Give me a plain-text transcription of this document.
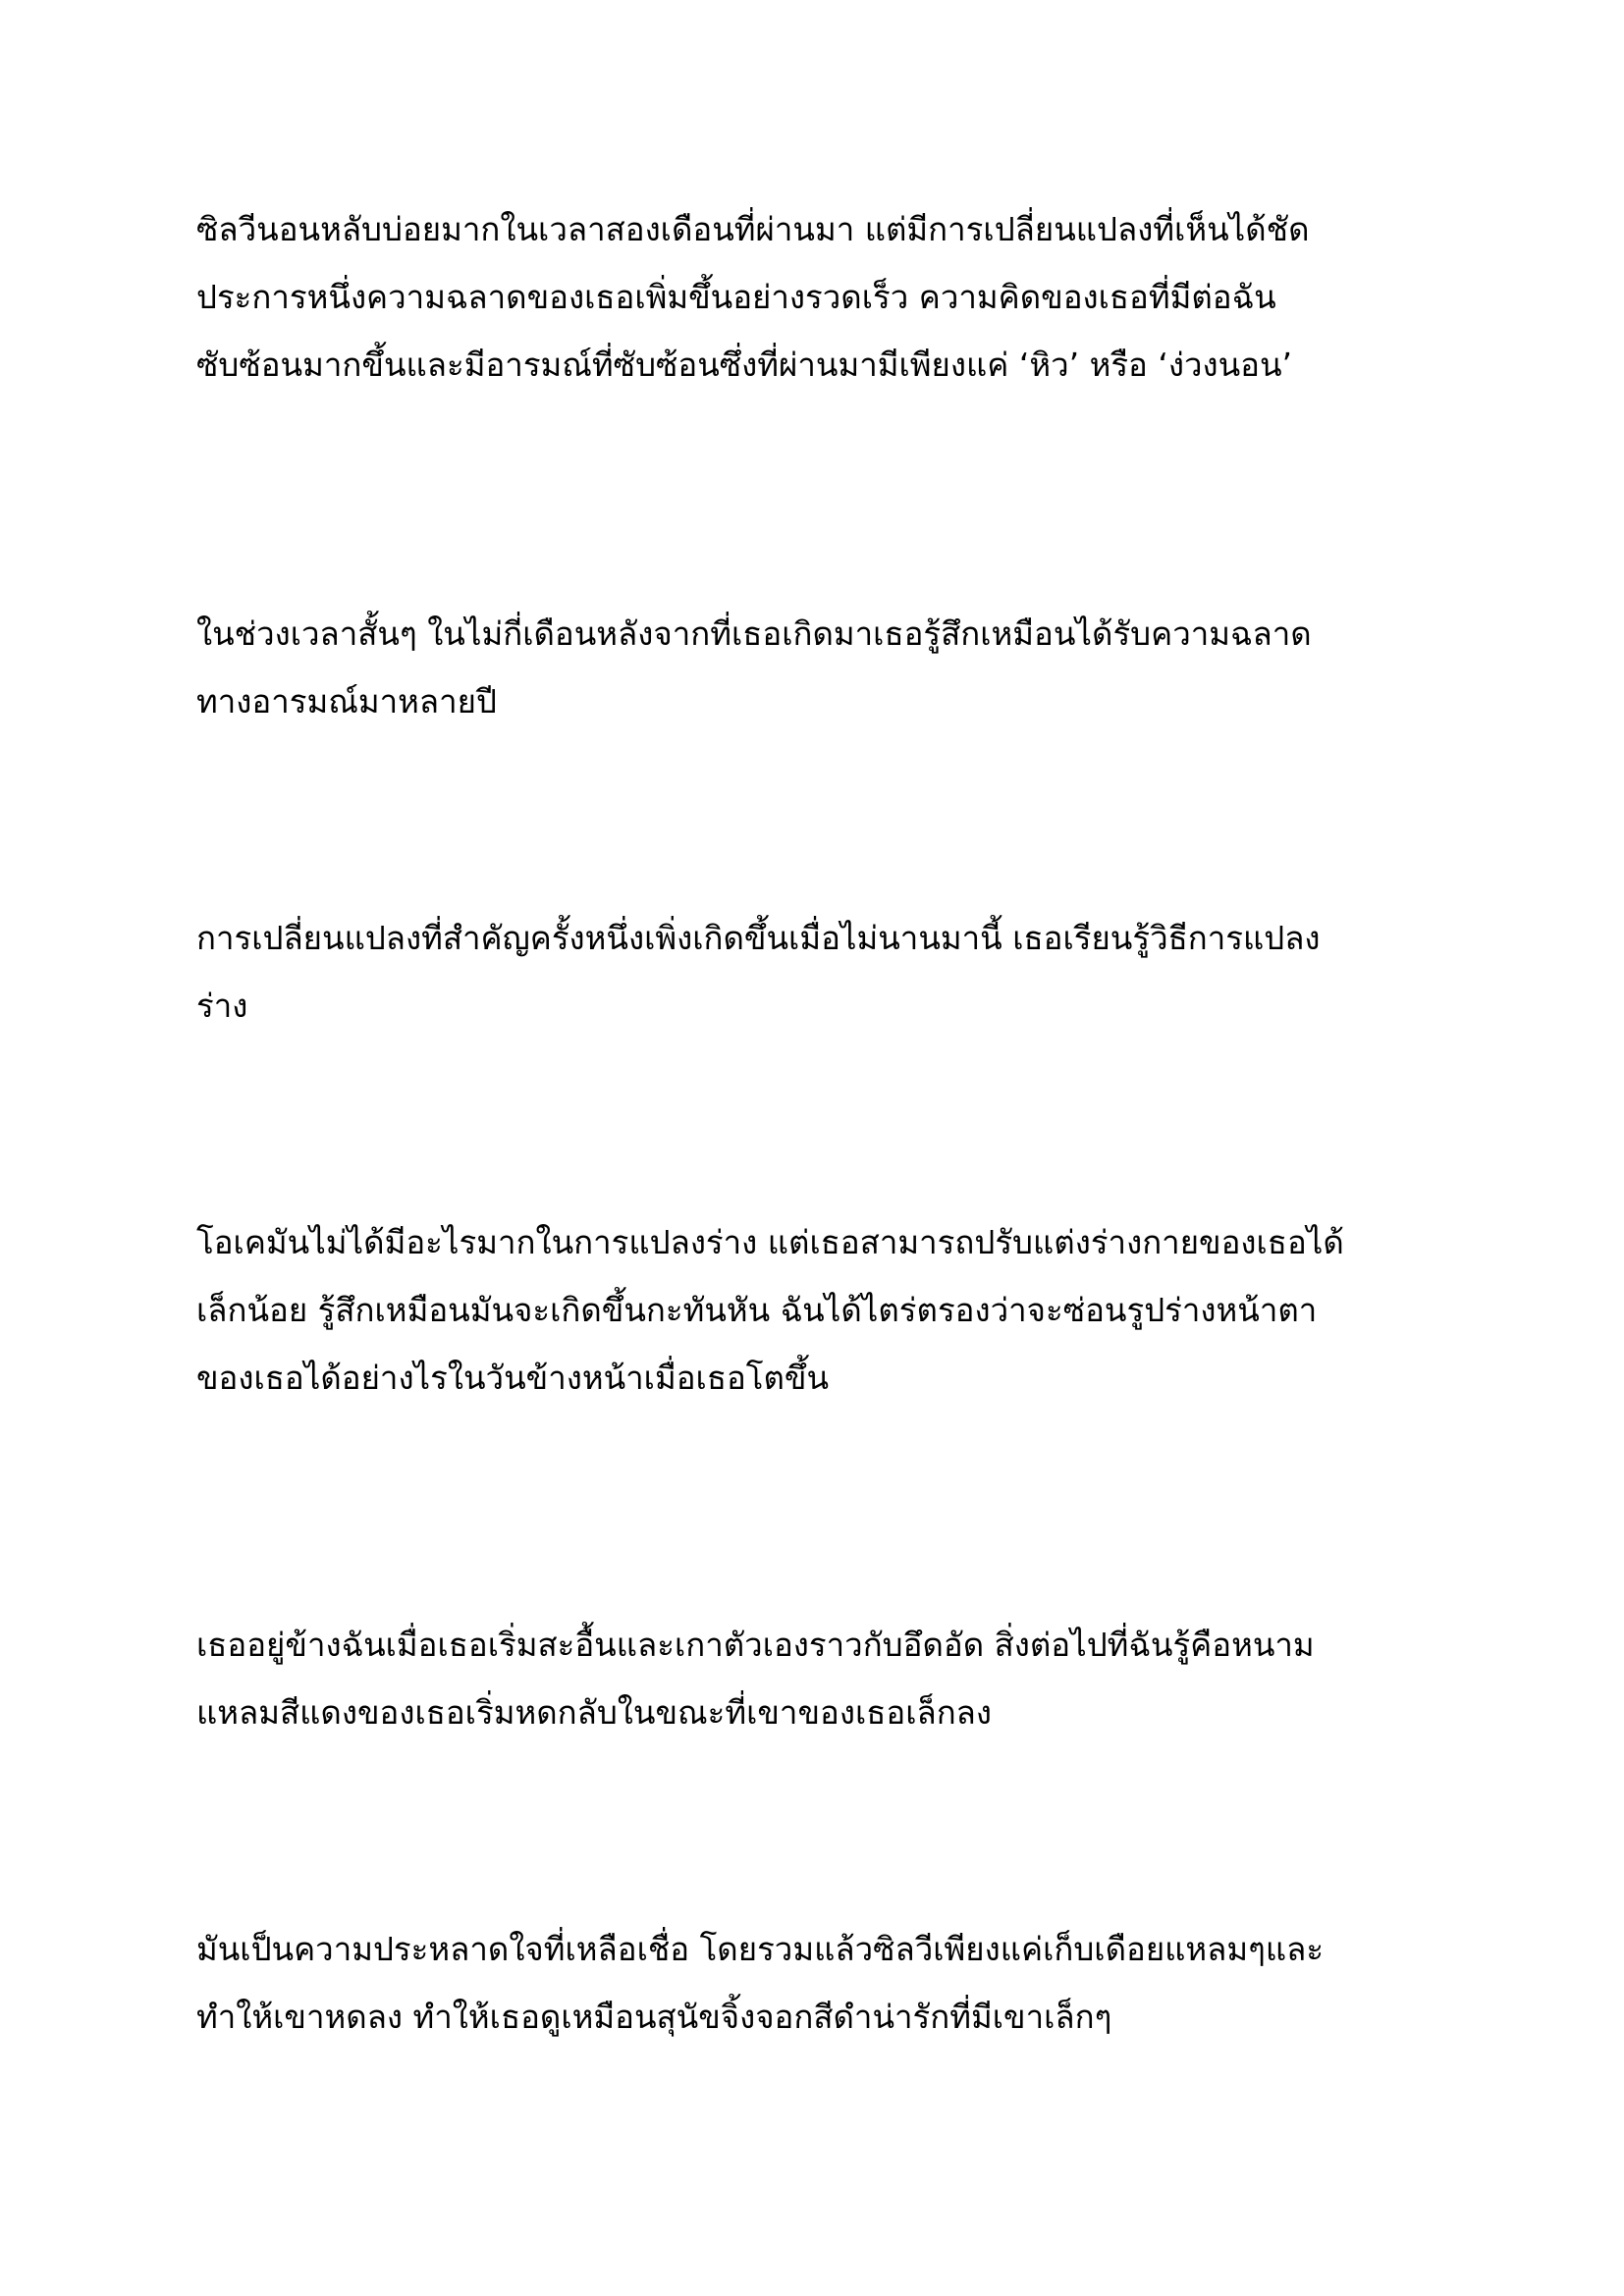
ซิลวีนอนหลับบ่อยมากในเวลาสองเดือนที่ผ่านมา แต่มีการเปลี่ยนแปลงที่เห็นได้ชัด
ประการหนึ่งความฉลาดของเธอเพิ่มขึ้นอย่างรวดเร็ว ความคิดของเธอที่มีต่อฉัน
ซับซ้อนมากขึ้นและมีอารมณ์ที่ซับซ้อนซึ่งที่ผ่านมามีเพียงแค่ ‘หิว’ หรือ ‘ง่วงนอน’

ในช่วงเวลาสั้นๆ ในไม่กี่เดือนหลังจากที่เธอเกิดมาเธอรู้สึกเหมือนได้รับความฉลาด
ทางอารมณ์มาหลายปี

การเปลี่ยนแปลงที่สำคัญครั้งหนึ่งเพิ่งเกิดขึ้นเมื่อไม่นานมานี้ เธอเรียนรู้วิธีการแปลง
ร่าง

โอเคมันไม่ได้มีอะไรมากในการแปลงร่าง แต่เธอสามารถปรับแต่งร่างกายของเธอได้
เล็กน้อย รู้สึกเหมือนมันจะเกิดขึ้นกะทันหัน ฉันได้ไตร่ตรองว่าจะซ่อนรูปร่างหน้าตา
ของเธอได้อย่างไรในวันข้างหน้าเมื่อเธอโตขึ้น

เธออยู่ข้างฉันเมื่อเธอเริ่มสะอื้นและเกาตัวเองราวกับอึดอัด สิ่งต่อไปที่ฉันรู้คือหนาม
แหลมสีแดงของเธอเริ่มหดกลับในขณะที่เขาของเธอเล็กลง

มันเป็นความประหลาดใจที่เหลือเชื่อ โดยรวมแล้วซิลวีเพียงแค่เก็บเดือยแหลมๆและ
ทำให้เขาหดลง ทำให้เธอดูเหมือนสุนัขจิ้งจอกสีดำน่ารักที่มีเขาเล็กๆ
